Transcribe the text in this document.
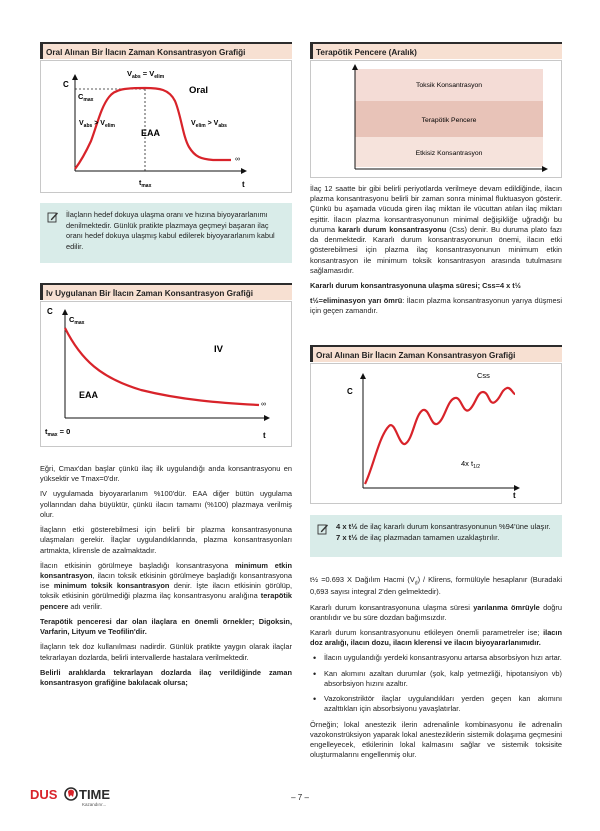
Oral Alınan Bir İlacın Zaman Konsantrasyon Grafiği
C
$C_{max}$
$V_{abs} = V_{elim}$
Oral
$V_{abs} > V_{elim}$	$V_{elim} > V_{abs}$
EAA
∞
t
$t_{max}$
İlaçların hedef dokuya ulaşma oranı ve hızına biyoyararlanımı denilmektedir. Günlük pratikte plazmaya geçmeyi başaran ilaç oranı hedef dokuya ulaşmış kabul edilerek biyoyararlanım kabul edilir.
Iv Uygulanan Bir İlacın Zaman Konsantrasyon Grafiği
C
$C_{max}$
IV
EAA
∞
$t_{max} = 0$	t

Eğri, Cmax'dan başlar çünkü ilaç ilk uygulandığı anda konsantrasyonu en yüksektir ve Tmax=0'dır.

IV uygulamada biyoyararlanım %100'dür. EAA diğer bütün uygulama yollarından daha büyüktür, çünkü ilacın tamamı (%100) plazmaya verilmiş olur.

İlaçların etki gösterebilmesi için belirli bir plazma konsantrasyonuna ulaşmaları gerekir. İlaçlar uygulandıklarında, plazma konsantrasyonları artmakta, klirensle de azalmaktadır.

İlacın etkisinin görülmeye başladığı konsantrasyona minimum etkin konsantrasyon, ilacın toksik etkisinin görülmeye başladığı konsantrasyona ise minimum toksik konsantrasyon denir. İşte ilacın etkisinin görülüp, toksik etkisinin görülmediği plazma ilaç konsantrasyonu aralığına terapötik pencere adı verilir.

Terapötik penceresi dar olan ilaçlara en önemli örnekler; Digoksin, Varfarin, Lityum ve Teofilin'dir.

İlaçların tek doz kullanılması nadirdir. Günlük pratikte yaygın olarak ilaçlar tekrarlayan dozlarda, belirli intervallerde hastalara verilmektedir.

Belirli aralıklarda tekrarlayan dozlarda ilaç verildiğinde zaman konsantrasyon grafiğine bakılacak olursa;

Terapötik Pencere (Aralık)
Toksik Konsantrasyon
Terapötik Pencere
Etkisiz Konsantrasyon

İlaç 12 saatte bir gibi belirli periyotlarda verilmeye devam edildiğinde, ilacın plazma konsantrasyonu belirli bir zaman sonra minimal fluktuasyon gösterir. Çünkü bu aşamada vücuda giren ilaç miktarı ile vücuttan atılan ilaç miktarı eşittir. İlacın plazma konsantrasyonunun minimal değişikliğe uğradığı bu duruma kararlı durum konsantrasyonu (Css) denir. Bu duruma plato fazı da denmektedir. Kararlı durum konsantrasyonunun önemi, ilacın etki gösterebilmesi için plazma ilaç konsantrasyonunun minimum etkin konsantrasyon ile minimum toksik konsantrasyon arasında tutulmasını sağlamasıdır.

Kararlı durum konsantrasyonuna ulaşma süresi; Css=4 x t½

t½=eliminasyon yarı ömrü: İlacın plazma konsantrasyonun yarıya düşmesi için geçen zamandır.

Oral Alınan Bir İlacın Zaman Konsantrasyon Grafiği
C
Css
4x $t_{1/2}$
t
4 x t½ de ilaç kararlı durum konsantrasyonunun %94'üne ulaşır.
7 x t½ de ilaç plazmadan tamamen uzaklaştırılır.

t½ =0.693 X Dağılım Hacmi $(V_d)$ / Klirens, formülüyle hesaplanır (Buradaki 0,693 sayısı integral 2'den gelmektedir).

Kararlı durum konsantrasyonuna ulaşma süresi yarılanma ömrüyle doğru orantılıdır ve bu süre dozdan bağımsızdır.

Kararlı durum konsantrasyonunu etkileyen önemli parametreler ise; ilacın doz aralığı, ilacın dozu, ilacın klerensi ve ilacın biyoyararlanımıdır.

• İlacın uygulandığı yerdeki konsantrasyonu artarsa absorbsiyon hızı artar.
• Kan akımını azaltan durumlar (şok, kalp yetmezliği, hipotansiyon vb) absorbsiyon hızını azaltır.
• Vazokonstriktör ilaçlar uygulandıkları yerden geçen kan akımını azalttıkları için absorbsiyonu yavaşlatırlar.

Örneğin; lokal anestezik ilerin adrenalinle kombinasyonu ile adrenalin vazokonstrüksiyon yaparak lokal anesteziklerin sistemik dolaşıma geçmesini engelleyecek, etkilerinin lokal kalmasını sağlar ve sistemik toksisite oluşturmalarını engellenmiş olur.

DUS TIME
Kazandırır...
– 7 –
